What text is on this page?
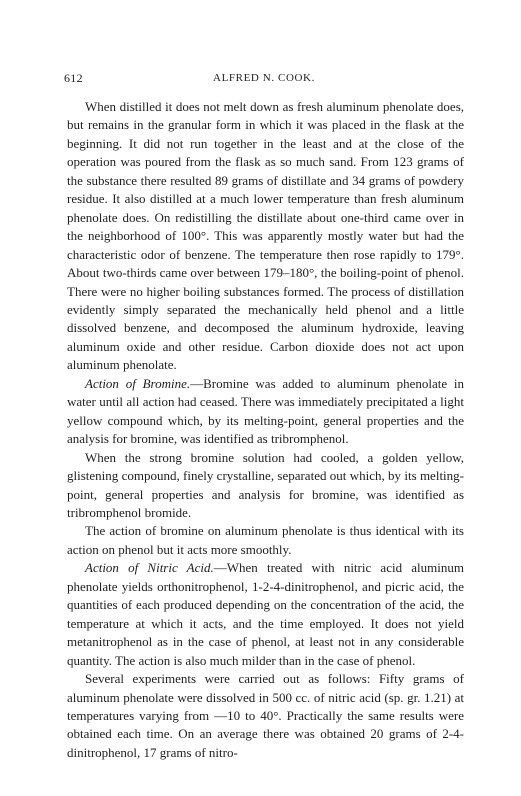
612	ALFRED N. COOK.

When distilled it does not melt down as fresh aluminum phenolate does, but remains in the granular form in which it was placed in the flask at the beginning. It did not run together in the least and at the close of the operation was poured from the flask as so much sand. From 123 grams of the substance there resulted 89 grams of distillate and 34 grams of powdery residue. It also distilled at a much lower temperature than fresh aluminum phenolate does. On redistilling the distillate about one-third came over in the neighborhood of 100°. This was apparently mostly water but had the characteristic odor of benzene. The temperature then rose rapidly to 179°. About two-thirds came over between 179–180°, the boiling-point of phenol. There were no higher boiling substances formed. The process of distillation evidently simply separated the mechanically held phenol and a little dissolved benzene, and decomposed the aluminum hydroxide, leaving aluminum oxide and other residue. Carbon dioxide does not act upon aluminum phenolate.

Action of Bromine.—Bromine was added to aluminum phenolate in water until all action had ceased. There was immediately precipitated a light yellow compound which, by its melting-point, general properties and the analysis for bromine, was identified as tribromphenol.

When the strong bromine solution had cooled, a golden yellow, glistening compound, finely crystalline, separated out which, by its melting-point, general properties and analysis for bromine, was identified as tribromphenol bromide.

The action of bromine on aluminum phenolate is thus identical with its action on phenol but it acts more smoothly.

Action of Nitric Acid.—When treated with nitric acid aluminum phenolate yields orthonitrophenol, 1-2-4-dinitrophenol, and picric acid, the quantities of each produced depending on the concentration of the acid, the temperature at which it acts, and the time employed. It does not yield metanitrophenol as in the case of phenol, at least not in any considerable quantity. The action is also much milder than in the case of phenol.

Several experiments were carried out as follows: Fifty grams of aluminum phenolate were dissolved in 500 cc. of nitric acid (sp. gr. 1.21) at temperatures varying from —10 to 40°. Practically the same results were obtained each time. On an average there was obtained 20 grams of 2-4-dinitrophenol, 17 grams of nitro-
